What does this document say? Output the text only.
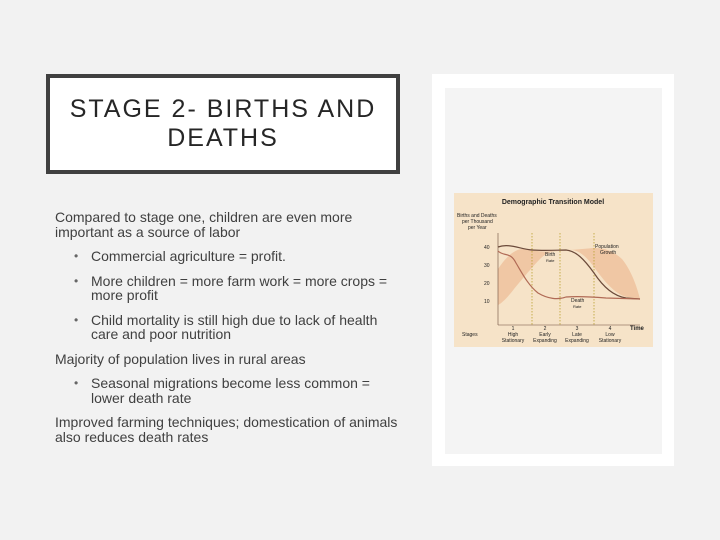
STAGE 2- BIRTHS AND DEATHS

Compared to stage one, children are even more important as a source of labor

• Commercial agriculture = profit.
• More children = more farm work = more crops = more profit
• Child mortality is still high due to lack of health care and poor nutrition

Majority of population lives in rural areas

• Seasonal migrations become less common = lower death rate

Improved farming techniques; domestication of animals also reduces death rates

Demographic Transition Model
Births and Deaths
per Thousand
per Year
40
30
20
10
Birth
Rate
Death
Rate
Population
Growth
Time
Stages
1
High
Stationary
2
Early
Expanding
3
Late
Expanding
4
Low
Stationary
